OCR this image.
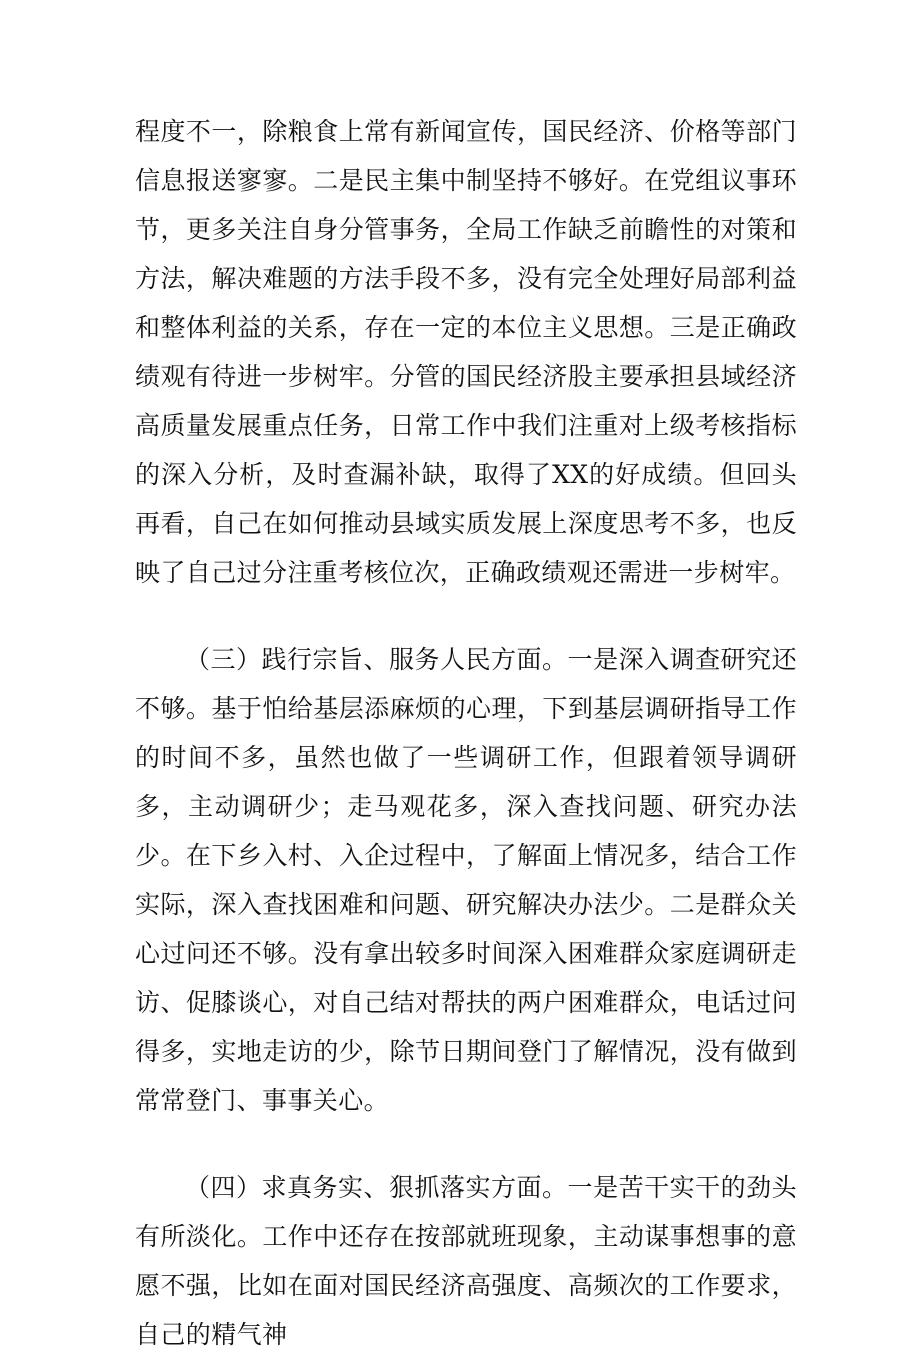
程度不一，除粮食上常有新闻宣传，国民经济、价格等部门信息报送寥寥。二是民主集中制坚持不够好。在党组议事环节，更多关注自身分管事务，全局工作缺乏前瞻性的对策和方法，解决难题的方法手段不多，没有完全处理好局部利益和整体利益的关系，存在一定的本位主义思想。三是正确政绩观有待进一步树牢。分管的国民经济股主要承担县域经济高质量发展重点任务，日常工作中我们注重对上级考核指标的深入分析，及时查漏补缺，取得了XX的好成绩。但回头再看，自己在如何推动县域实质发展上深度思考不多，也反映了自己过分注重考核位次，正确政绩观还需进一步树牢。

（三）践行宗旨、服务人民方面。一是深入调查研究还不够。基于怕给基层添麻烦的心理，下到基层调研指导工作的时间不多，虽然也做了一些调研工作，但跟着领导调研多，主动调研少；走马观花多，深入查找问题、研究办法少。在下乡入村、入企过程中，了解面上情况多，结合工作实际，深入查找困难和问题、研究解决办法少。二是群众关心过问还不够。没有拿出较多时间深入困难群众家庭调研走访、促膝谈心，对自己结对帮扶的两户困难群众，电话过问得多，实地走访的少，除节日期间登门了解情况，没有做到常常登门、事事关心。

（四）求真务实、狠抓落实方面。一是苦干实干的劲头有所淡化。工作中还存在按部就班现象，主动谋事想事的意愿不强，比如在面对国民经济高强度、高频次的工作要求，自己的精气神
